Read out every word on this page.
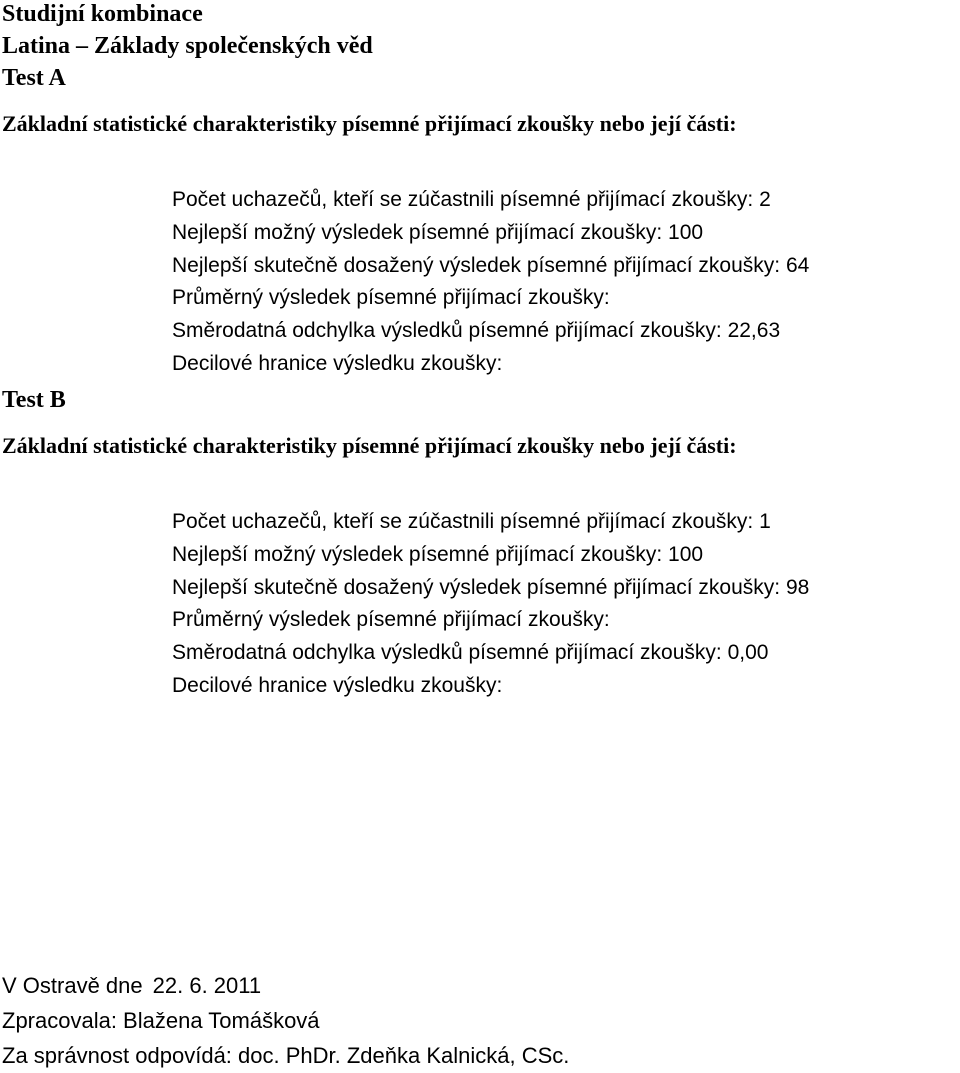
Studijní kombinace
Latina – Základy společenských věd
Test A
Základní statistické charakteristiky písemné přijímací zkoušky nebo její části:
Počet uchazečů, kteří se zúčastnili písemné přijímací zkoušky: 2
Nejlepší možný výsledek písemné přijímací zkoušky: 100
Nejlepší skutečně dosažený výsledek písemné přijímací zkoušky: 64
Průměrný výsledek písemné přijímací zkoušky:
Směrodatná odchylka výsledků písemné přijímací zkoušky: 22,63
Decilové hranice výsledku zkoušky:
Test B
Základní statistické charakteristiky písemné přijímací zkoušky nebo její části:
Počet uchazečů, kteří se zúčastnili písemné přijímací zkoušky: 1
Nejlepší možný výsledek písemné přijímací zkoušky: 100
Nejlepší skutečně dosažený výsledek písemné přijímací zkoušky: 98
Průměrný výsledek písemné přijímací zkoušky:
Směrodatná odchylka výsledků písemné přijímací zkoušky: 0,00
Decilové hranice výsledku zkoušky:
V Ostravě dne 22. 6. 2011
Zpracovala: Blažena Tomášková
Za správnost odpovídá: doc. PhDr. Zdeňka Kalnická, CSc.
